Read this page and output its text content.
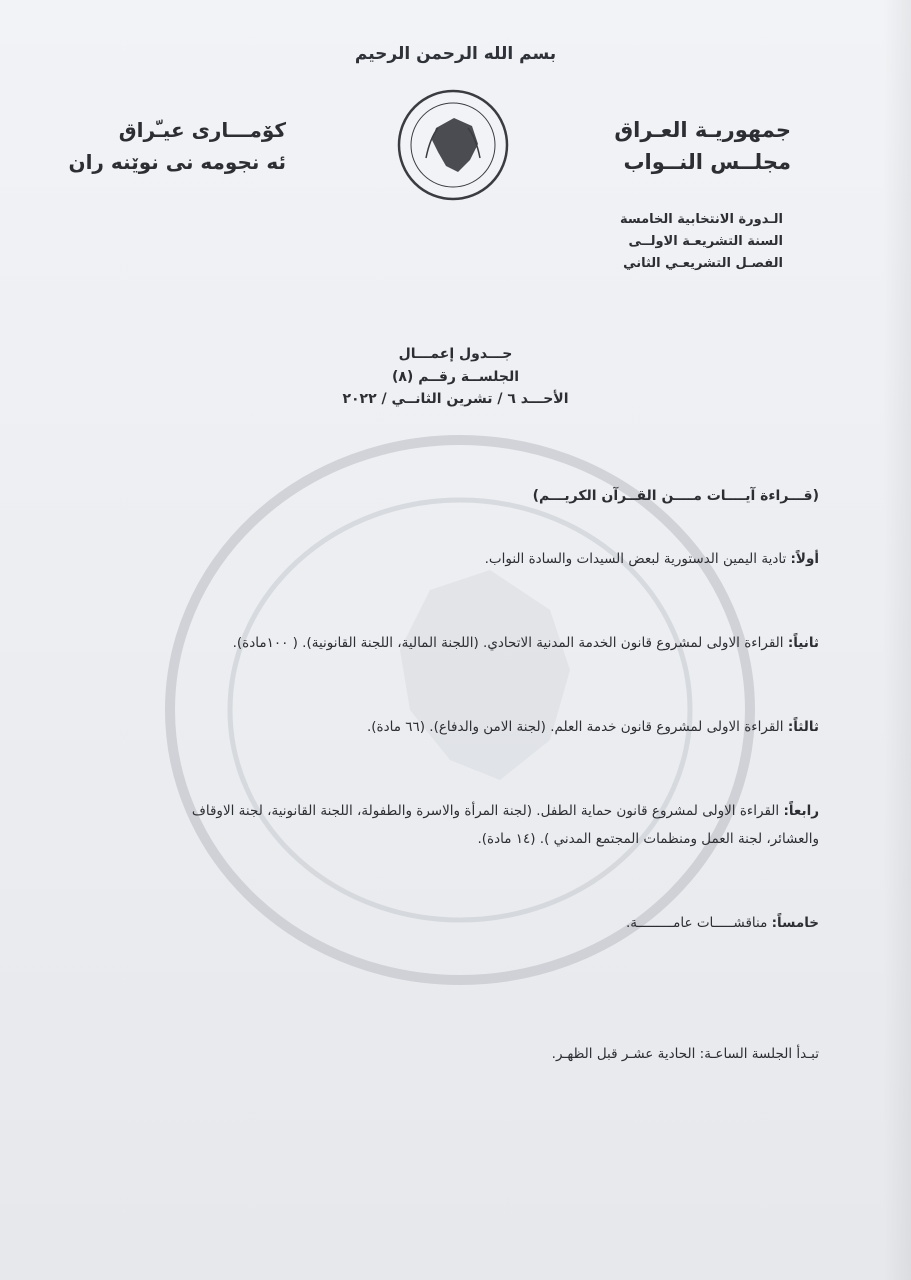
بسم الله الرحمن الرحيم
جمهوريـة العـراق
مجلــس النــواب
كۆمـــارى عيـّراق
ئه نجومه نى نوێنه ران
الـدورة الانتخابية الخامسة
السنة التشريعـة الاولــى
الفصـل التشريعـي الثاني
جـــدول إعمـــال
الجلســة رقــم (٨)
الأحـــد ٦ / تشرين الثانــي / ٢٠٢٢
(قـــراءة آيــــات مــــن القــرآن الكريـــم)
أولاً: تادية اليمين الدستورية لبعض السيدات والسادة النواب.
ثانياً: القراءة الاولى لمشروع قانون الخدمة المدنية الاتحادي. (اللجنة المالية، اللجنة القانونية). ( ١٠٠مادة).
ثالثاً: القراءة الاولى لمشروع قانون خدمة العلم. (لجنة الامن والدفاع). (٦٦ مادة).
رابعاً: القراءة الاولى لمشروع قانون حماية الطفل. (لجنة المرأة والاسرة والطفولة، اللجنة القانونية، لجنة الاوقاف
والعشائر، لجنة العمل ومنظمات المجتمع المدني ). (١٤ مادة).
خامساً: مناقشـــــات عامـــــــــة.
تبـدأ الجلسة الساعـة: الحادية عشـر قبل الظهـر.
